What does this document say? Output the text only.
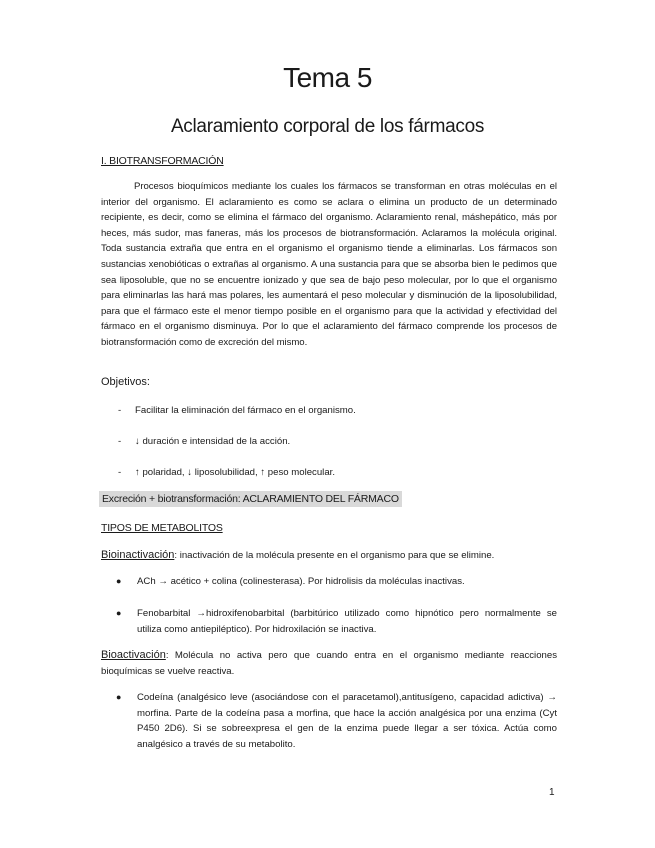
Tema 5
Aclaramiento corporal de los fármacos
I. BIOTRANSFORMACIÓN
Procesos bioquímicos mediante los cuales los fármacos se transforman en otras moléculas en el interior del organismo. El aclaramiento es como se aclara o elimina un producto de un determinado recipiente, es decir, como se elimina el fármaco del organismo. Aclaramiento renal, máshepático, más por heces, más sudor, mas faneras, más los procesos de biotransformación. Aclaramos la molécula original. Toda sustancia extraña que entra en el organismo el organismo tiende a eliminarlas. Los fármacos son sustancias xenobióticas o extrañas al organismo. A una sustancia para que se absorba bien le pedimos que sea liposoluble, que no se encuentre ionizado y que sea de bajo peso molecular, por lo que el organismo para eliminarlas las hará mas polares, les aumentará el peso molecular y disminución de la liposolubilidad, para que el fármaco este el menor tiempo posible en el organismo para que la actividad y efectividad del fármaco en el organismo disminuya. Por lo que el aclaramiento del fármaco comprende los procesos de biotransformación como de excreción del mismo.
Objetivos:
- Facilitar la eliminación del fármaco en el organismo.
- ↓ duración e intensidad de la acción.
- ↑ polaridad, ↓ liposolubilidad, ↑ peso molecular.
Excreción + biotransformación: ACLARAMIENTO DEL FÁRMACO
TIPOS DE METABOLITOS
Bioinactivación: inactivación de la molécula presente en el organismo para que se elimine.
● ACh → acético + colina (colinesterasa). Por hidrolisis da moléculas inactivas.
● Fenobarbital →hidroxifenobarbital (barbitúrico utilizado como hipnótico pero normalmente se utiliza como antiepiléptico). Por hidroxilación se inactiva.
Bioactivación: Molécula no activa pero que cuando entra en el organismo mediante reacciones bioquímicas se vuelve reactiva.
● Codeína (analgésico leve (asociándose con el paracetamol),antitusígeno, capacidad adictiva) → morfina. Parte de la codeína pasa a morfina, que hace la acción analgésica por una enzima (Cyt P450 2D6). Si se sobreexpresa el gen de la enzima puede llegar a ser tóxica. Actúa como analgésico a través de su metabolito.
1
